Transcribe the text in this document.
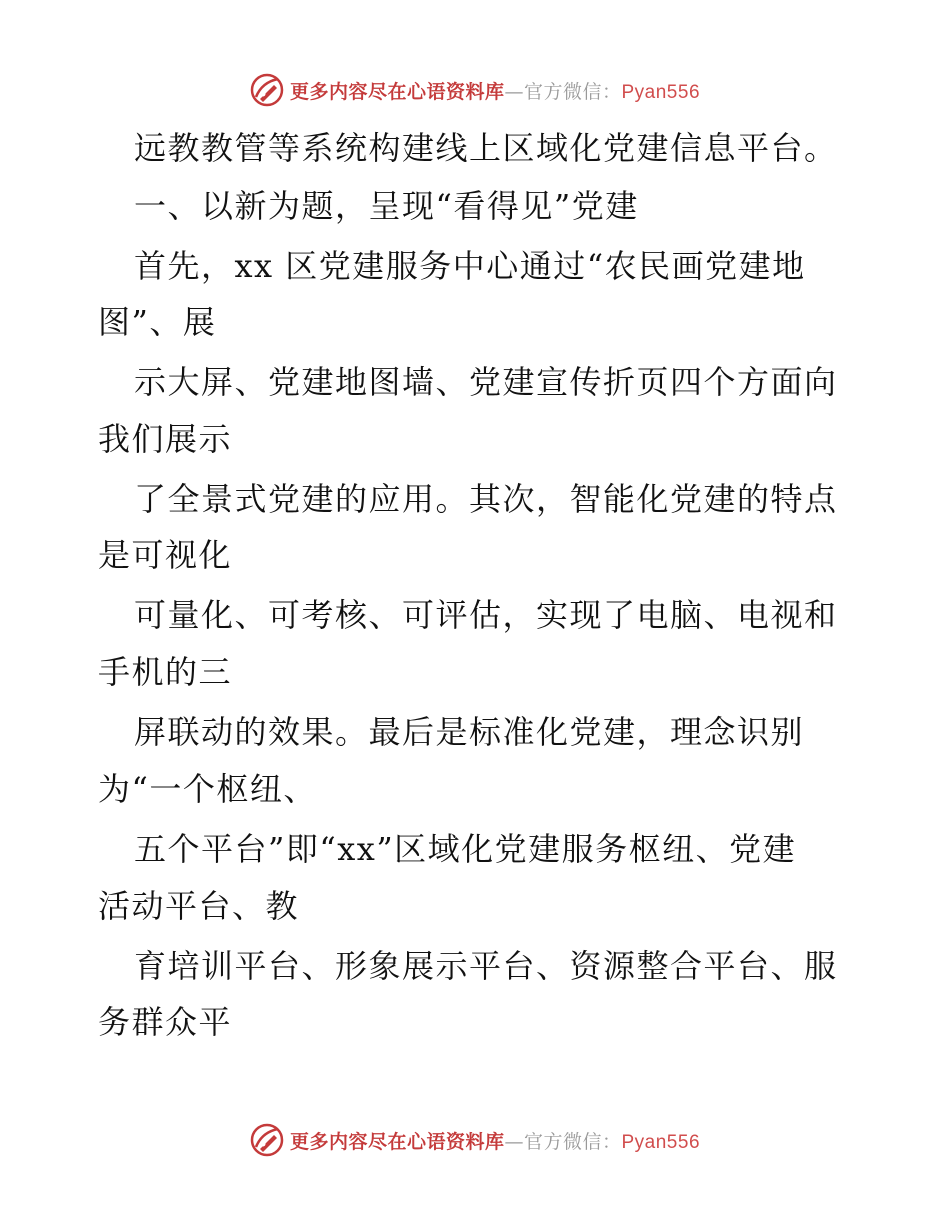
更多内容尽在心语资料库—官方微信：Pyan556
远教教管等系统构建线上区域化党建信息平台。
一、以新为题，呈现“看得见”党建
首先，xx 区党建服务中心通过“农民画党建地
图”、展
示大屏、党建地图墙、党建宣传折页四个方面向
我们展示
了全景式党建的应用。其次，智能化党建的特点
是可视化
可量化、可考核、可评估，实现了电脑、电视和
手机的三
屏联动的效果。最后是标准化党建，理念识别
为“一个枢纽、
五个平台”即“xx”区域化党建服务枢纽、党建
活动平台、教
育培训平台、形象展示平台、资源整合平台、服
务群众平
更多内容尽在心语资料库—官方微信：Pyan556
